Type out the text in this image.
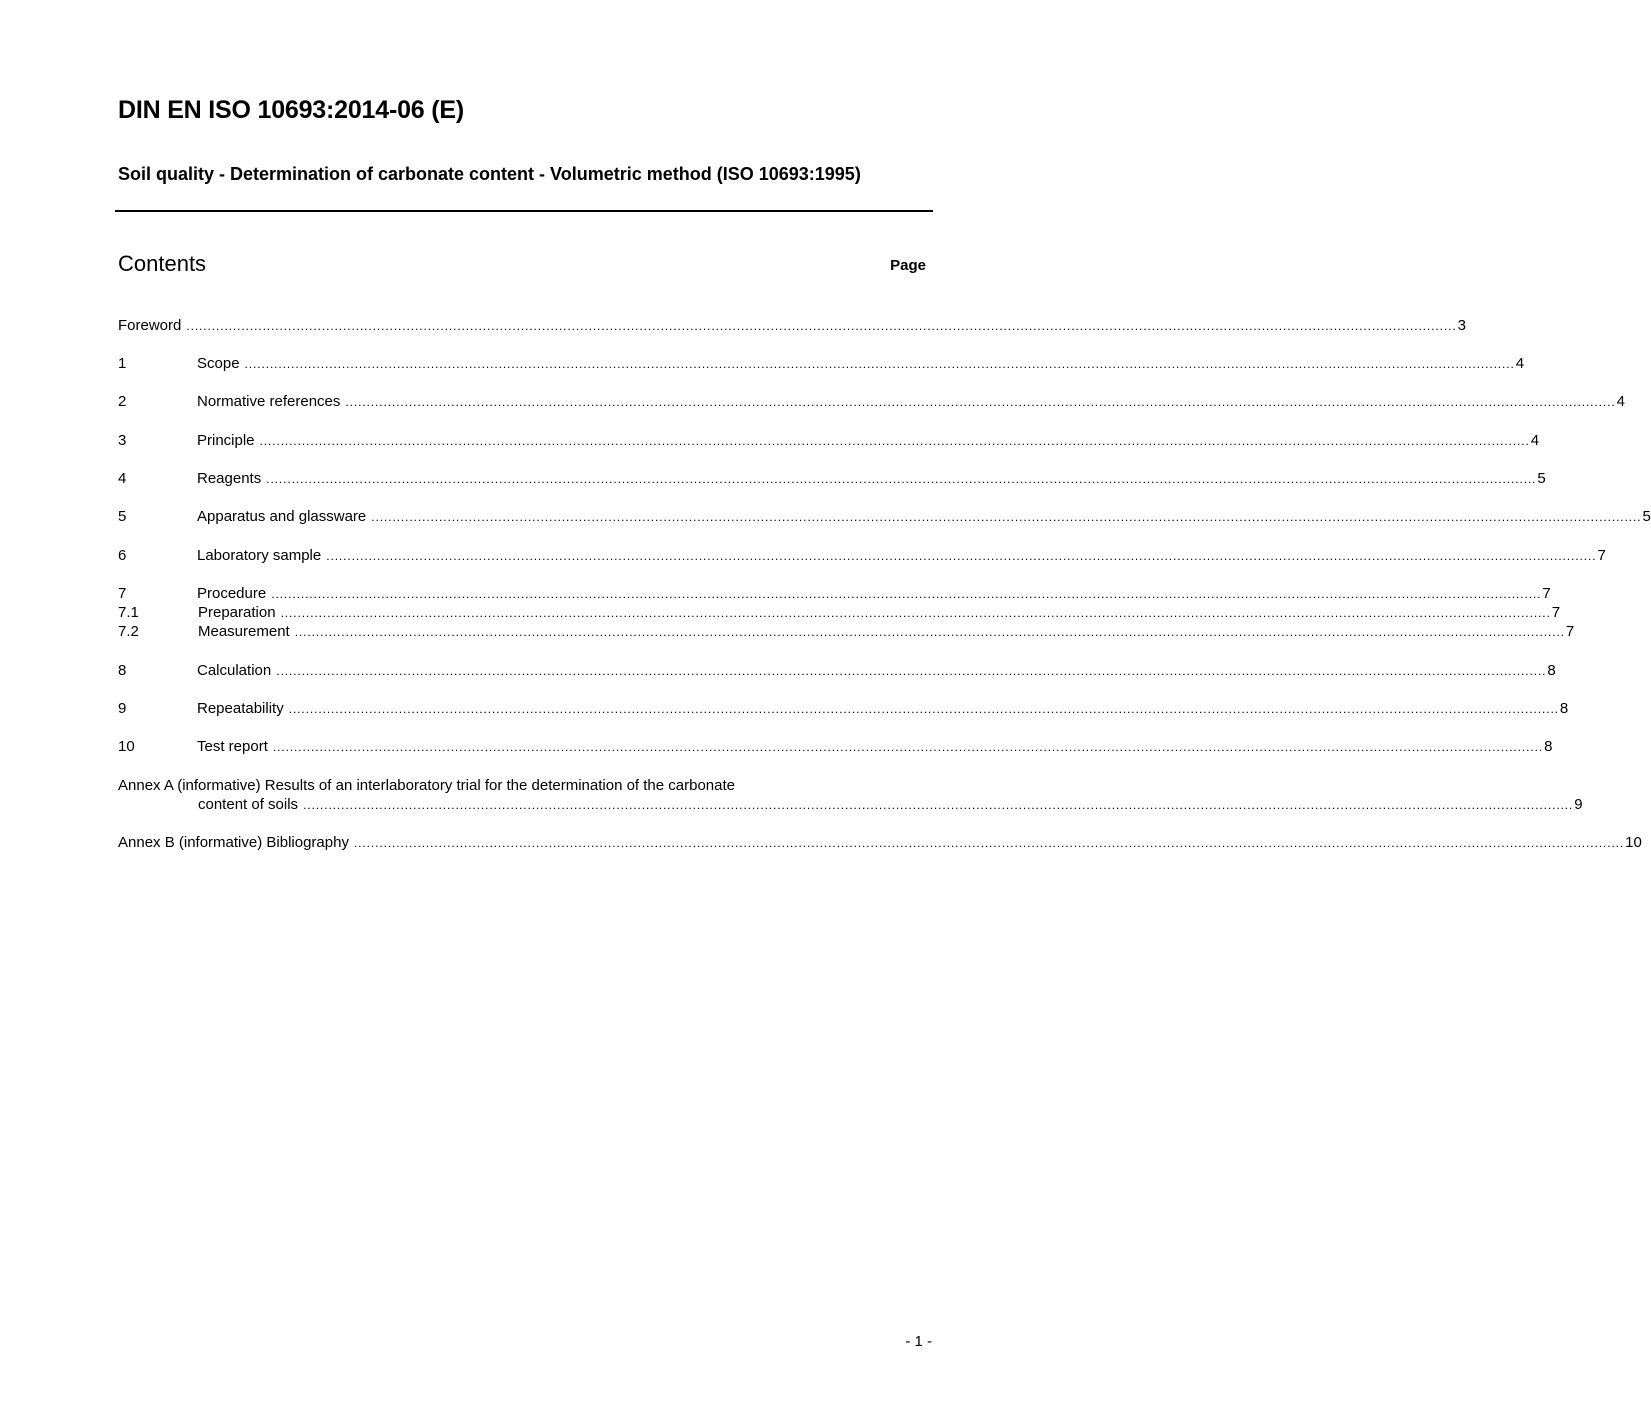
DIN EN ISO 10693:2014-06 (E)
Soil quality - Determination of carbonate content - Volumetric method (ISO 10693:1995)
Contents	Page
Foreword ............................................................................................................................................................................................................................................................................................................ 3
1	Scope ............................................................................................................................................................................................................................................................................................................ 4
2	Normative references ............................................................................................................................................................................................................................................................................................................ 4
3	Principle ............................................................................................................................................................................................................................................................................................................ 4
4	Reagents ............................................................................................................................................................................................................................................................................................................ 5
5	Apparatus and glassware ............................................................................................................................................................................................................................................................................................................ 5
6	Laboratory sample ............................................................................................................................................................................................................................................................................................................ 7
7	Procedure ............................................................................................................................................................................................................................................................................................................ 7
7.1	Preparation ............................................................................................................................................................................................................................................................................................................ 7
7.2	Measurement ............................................................................................................................................................................................................................................................................................................ 7
8	Calculation ............................................................................................................................................................................................................................................................................................................ 8
9	Repeatability ............................................................................................................................................................................................................................................................................................................ 8
10	Test report ............................................................................................................................................................................................................................................................................................................ 8
Annex A (informative) Results of an interlaboratory trial for the determination of the carbonate
content of soils ............................................................................................................................................................................................................................................................................................................ 9
Annex B (informative) Bibliography ............................................................................................................................................................................................................................................................................................................ 10
- 1 -
